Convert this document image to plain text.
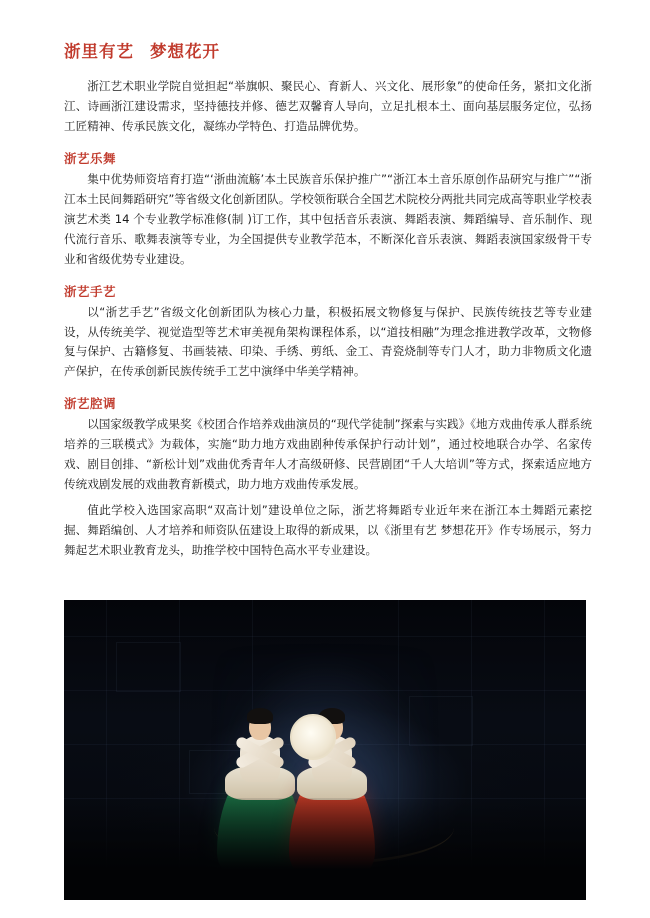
浙里有艺 梦想花开

浙江艺术职业学院自觉担起“举旗帜、聚民心、育新人、兴文化、展形象”的使命任务，紧扣文化浙江、诗画浙江建设需求，坚持德技并修、德艺双馨育人导向，立足扎根本土、面向基层服务定位，弘扬工匠精神、传承民族文化，凝练办学特色、打造品牌优势。

浙艺乐舞

集中优势师资培育打造“‘浙曲流觞’本土民族音乐保护推广”“浙江本土音乐原创作品研究与推广”“浙江本土民间舞蹈研究”等省级文化创新团队。学校领衔联合全国艺术院校分两批共同完成高等职业学校表演艺术类 14 个专业教学标准修(制 )订工作，其中包括音乐表演、舞蹈表演、舞蹈编导、音乐制作、现代流行音乐、歌舞表演等专业，为全国提供专业教学范本，不断深化音乐表演、舞蹈表演国家级骨干专业和省级优势专业建设。

浙艺手艺

以“浙艺手艺”省级文化创新团队为核心力量，积极拓展文物修复与保护、民族传统技艺等专业建设，从传统美学、视觉造型等艺术审美视角架构课程体系，以“道技相融”为理念推进教学改革，文物修复与保护、古籍修复、书画装裱、印染、手绣、剪纸、金工、青瓷烧制等专门人才，助力非物质文化遗产保护，在传承创新民族传统手工艺中演绎中华美学精神。

浙艺腔调

以国家级教学成果奖《校团合作培养戏曲演员的“现代学徒制”探索与实践》《地方戏曲传承人群系统培养的三联模式》为载体，实施“助力地方戏曲剧种传承保护行动计划”，通过校地联合办学、名家传戏、剧目创排、“新松计划”戏曲优秀青年人才高级研修、民营剧团“千人大培训”等方式，探索适应地方传统戏剧发展的戏曲教育新模式，助力地方戏曲传承发展。

值此学校入选国家高职“双高计划”建设单位之际，浙艺将舞蹈专业近年来在浙江本土舞蹈元素挖掘、舞蹈编创、人才培养和师资队伍建设上取得的新成果，以《浙里有艺 梦想花开》作专场展示，努力舞起艺术职业教育龙头，助推学校中国特色高水平专业建设。
